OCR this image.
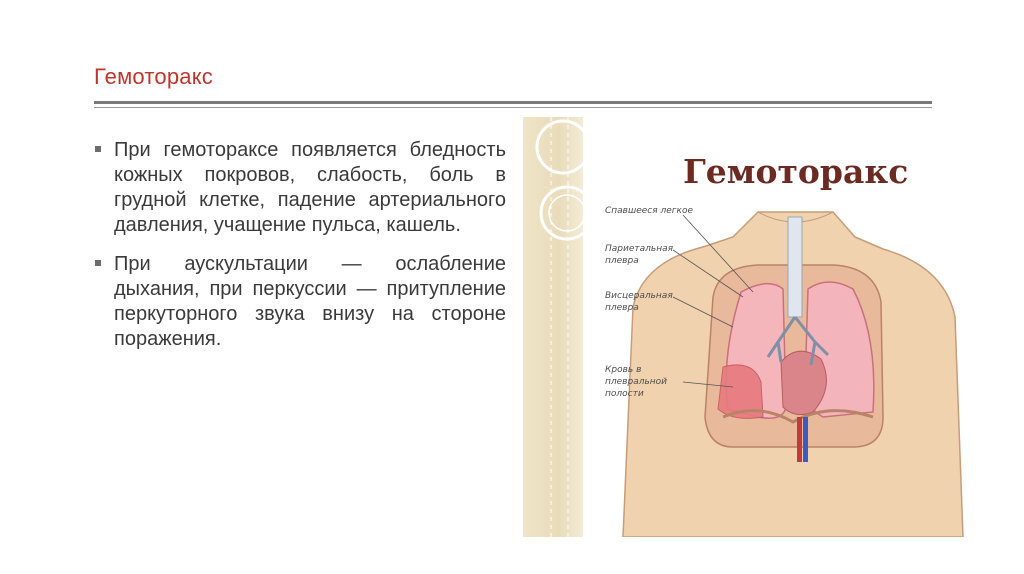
Гемоторакс
При гемотораксе появляется бледность кожных покровов, слабость, боль в грудной клетке, падение артериального давления, учащение пульса, кашель.
При аускультации — ослабление дыхания, при перкуссии — притупление перкуторного звука внизу на стороне поражения.
Гемоторакс
Спавшееся легкое
Париетальная
плевра
Висцеральная
плевра
Кровь в
плевральной
полости
